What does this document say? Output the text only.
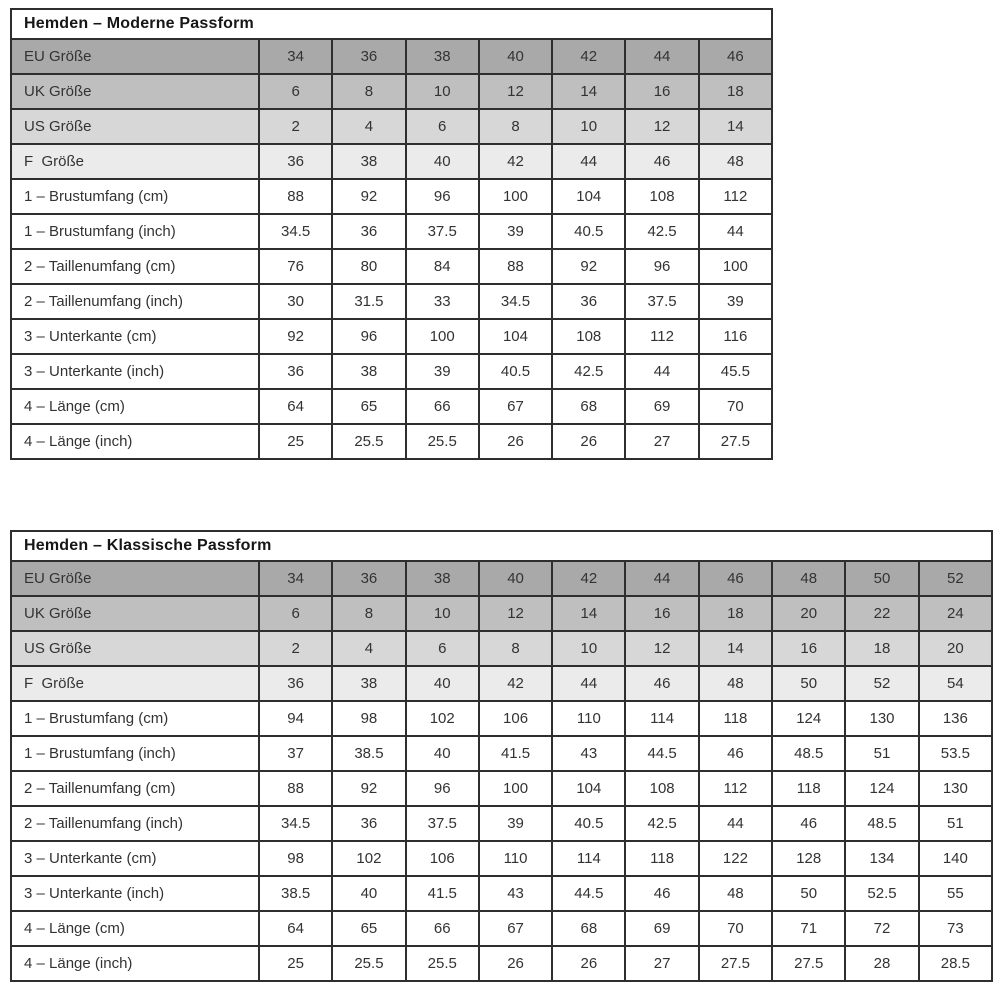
Hemden – Moderne Passform							
EU Größe	34	36	38	40	42	44	46
UK Größe	6	8	10	12	14	16	18
US Größe	2	4	6	8	10	12	14
F  Größe	36	38	40	42	44	46	48
1 – Brustumfang (cm)	88	92	96	100	104	108	112
1 – Brustumfang (inch)	34.5	36	37.5	39	40.5	42.5	44
2 – Taillenumfang (cm)	76	80	84	88	92	96	100
2 – Taillenumfang (inch)	30	31.5	33	34.5	36	37.5	39
3 – Unterkante (cm)	92	96	100	104	108	112	116
3 – Unterkante (inch)	36	38	39	40.5	42.5	44	45.5
4 – Länge (cm)	64	65	66	67	68	69	70
4 – Länge (inch)	25	25.5	25.5	26	26	27	27.5
Hemden – Klassische Passform										
EU Größe	34	36	38	40	42	44	46	48	50	52
UK Größe	6	8	10	12	14	16	18	20	22	24
US Größe	2	4	6	8	10	12	14	16	18	20
F  Größe	36	38	40	42	44	46	48	50	52	54
1 – Brustumfang (cm)	94	98	102	106	110	114	118	124	130	136
1 – Brustumfang (inch)	37	38.5	40	41.5	43	44.5	46	48.5	51	53.5
2 – Taillenumfang (cm)	88	92	96	100	104	108	112	118	124	130
2 – Taillenumfang (inch)	34.5	36	37.5	39	40.5	42.5	44	46	48.5	51
3 – Unterkante (cm)	98	102	106	110	114	118	122	128	134	140
3 – Unterkante (inch)	38.5	40	41.5	43	44.5	46	48	50	52.5	55
4 – Länge (cm)	64	65	66	67	68	69	70	71	72	73
4 – Länge (inch)	25	25.5	25.5	26	26	27	27.5	27.5	28	28.5
